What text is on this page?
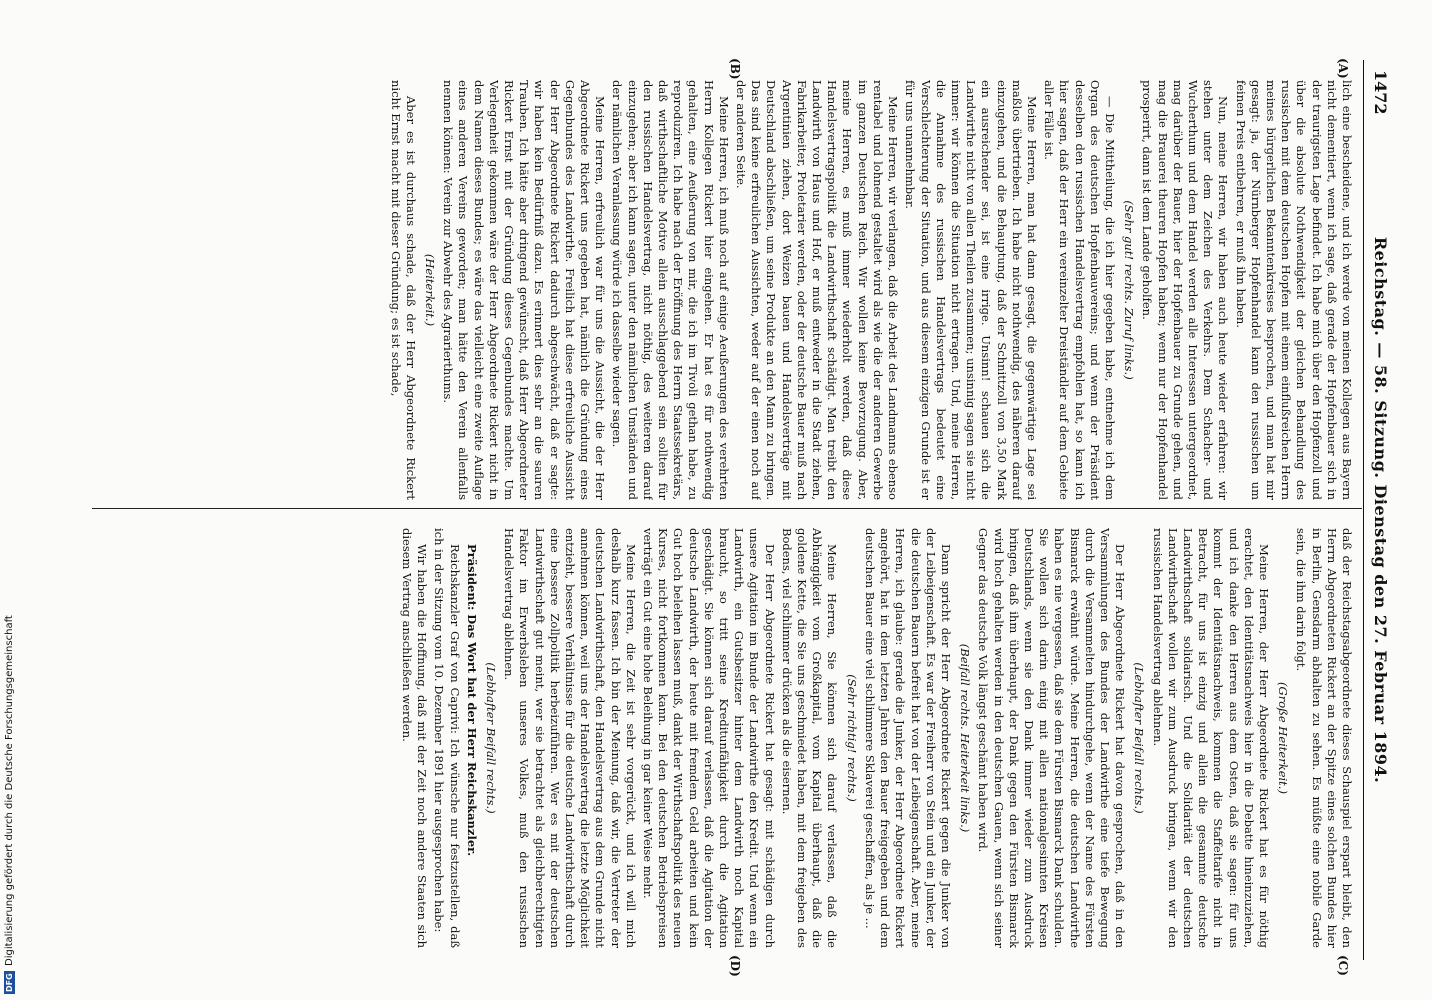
1472
Reichstag. — 58. Sitzung. Dienstag den 27. Februar 1894.
(A)
(B)
(C)
(D)

lich eine bescheidene, und ich werde von meinen Kollegen aus Bayern nicht dementiert, wenn ich sage, daß gerade der Hopfenbauer sich in der traurigsten Lage befindet. Ich habe mich über den Hopfenzoll und über die absolute Nothwendigkeit der gleichen Behandlung des russischen mit dem deutschen Hopfen mit einem einflußreichen Herrn meines bürgerlichen Bekanntenkreises besprochen, und man hat mir gesagt: ja, der Nürnberger Hopfenhandel kann den russischen um feinen Preis entbehren, er muß ihn haben.

Nun, meine Herren, wir haben auch heute wieder erfahren: wir stehen unter dem Zeichen des Verkehrs. Dem Schacher- und Wucherthum und dem Handel werden alle Interessen untergeordnet, mag darüber der Bauer, hier der Hopfenbauer zu Grunde gehen, und mag die Brauerei theuren Hopfen haben; wenn nur der Hopfenhandel prosperirt, dann ist dem Lande geholfen.

(Sehr gut! rechts. Zuruf links.)

— Die Mittheilung, die ich hier gegeben habe, entnehme ich dem Organ des deutschen Hopfenbauvereins; und wenn der Präsident desselben den russischen Handelsvertrag empfohlen hat, so kann ich hier sagen, daß der Herr ein vereinzelter Dreiständler auf dem Gebiete aller Fälle ist.

Meine Herren, man hat dann gesagt, die gegenwärtige Lage sei maßlos übertrieben. Ich habe nicht nothwendig, des näheren darauf einzugehen, und die Behauptung, daß der Schnittzoll von 3,50 Mark ein ausreichender sei, ist eine irrige. Unsinn! schauen sich die Landwirthe nicht von allen Theilen zusammen; unsinnig sagen sie nicht immer: wir können die Situation nicht ertragen. Und, meine Herren, die Annahme des russischen Handelsvertrags bedeutet eine Verschlechterung der Situation, und aus diesem einzigen Grunde ist er für uns unannehmbar.

Meine Herren, wir verlangen, daß die Arbeit des Landmanns ebenso rentabel und lohnend gestaltet wird als wie die der anderen Gewerbe im ganzen Deutschen Reich. Wir wollen keine Bevorzugung. Aber, meine Herren, es muß immer wiederholt werden, daß diese Handelsvertragspolitik die Landwirthschaft schädigt. Man treibt den Landwirth von Haus und Hof, er muß entweder in die Stadt ziehen, Fabrikarbeiter, Proletarier werden, oder der deutsche Bauer muß nach Argentinien ziehen, dort Weizen bauen und Handelsverträge mit Deutschland abschließen, um seine Produkte an den Mann zu bringen. Das sind keine erfreulichen Aussichten, weder auf der einen noch auf der anderen Seite.

Meine Herren, ich muß noch auf einige Aeußerungen des verehrten Herrn Kollegen Rickert hier eingehen. Er hat es für nothwendig gehalten, eine Aeußerung von mir, die ich im Tivoli gethan habe, zu reproduziren. Ich habe nach der Eröffnung des Herrn Staatssekretärs, daß wirthschaftliche Motive allein ausschlaggebend sein sollten für den russischen Handelsvertrag, nicht nöthig, des weiteren darauf einzugehen; aber ich kann sagen, unter den nämlichen Umständen und der nämlichen Veranlassung würde ich dasselbe wieder sagen.

Meine Herren, erfreulich war für uns die Aussicht, die der Herr Abgeordnete Rickert uns gegeben hat, nämlich die Gründung eines Gegenbundes des Landwirthe. Freilich hat diese erfreuliche Aussicht der Herr Abgeordnete Rickert dadurch abgeschwächt, daß er sagte: wir haben kein Bedürfniß dazu. Es erinnert dies sehr an die sauren Trauben. Ich hätte aber dringend gewünscht, daß Herr Abgeordneter Rickert Ernst mit der Gründung dieses Gegenbundes machte. Um Verlegenheit gekommen wäre der Herr Abgeordnete Rickert nicht in dem Namen dieses Bundes; es wäre das vielleicht eine zweite Auflage eines anderen Vereins geworden; man hätte den Verein allenfalls nennen können: Verein zur Abwehr des Agrarierthums.

(Heiterkeit.)

Aber es ist durchaus schade, daß der Herr Abgeordnete Rickert nicht Ernst macht mit dieser Gründung; es ist schade,

daß der Reichstagsabgeordnete dieses Schauspiel erspart bleibt, den Herrn Abgeordneten Rickert an der Spitze eines solchen Bundes hier in Berlin, Gensdarm abhalten zu sehen. Es müßte eine nobile Garde sein, die ihm darin folgt.

(Große Heiterkeit.)

Meine Herren, der Herr Abgeordnete Rickert hat es für nöthig erachtet, den Identitätsnachweis hier in die Debatte hineinzuziehen, und ich danke den Herren aus dem Osten, daß sie sagen: für uns kommt der Identitätsnachweis, kommen die Staffeltarife nicht in Betracht, für uns ist einzig und allein die gesammte deutsche Landwirthschaft solidarisch. Und die Solidarität der deutschen Landwirthschaft wollen wir zum Ausdruck bringen, wenn wir den russischen Handelsvertrag ablehnen.

(Lebhafter Beifall rechts.)

Der Herr Abgeordnete Rickert hat davon gesprochen, daß in den Versammlungen des Bundes der Landwirthe eine tiefe Bewegung durch die Versammelten hindurchgehe, wenn der Name des Fürsten Bismarck erwähnt würde. Meine Herren, die deutschen Landwirthe haben es nie vergessen, daß sie dem Fürsten Bismarck Dank schulden. Sie wollen sich darin einig mit allen nationalgesinnten Kreisen Deutschlands, wenn sie den Dank immer wieder zum Ausdruck bringen, daß ihm überhaupt, der Dank gegen den Fürsten Bismarck wird hoch gehalten werden in den deutschen Gauen, wenn sich seiner Gegner das deutsche Volk längst geschämt haben wird.

(Beifall rechts. Heiterkeit links.)

Dann spricht der Herr Abgeordnete Rickert gegen die Junker von der Leibeigenschaft. Es war der Freiherr von Stein und ein Junker, der die deutschen Bauern befreit hat von der Leibeigenschaft. Aber, meine Herren, ich glaube: gerade die Junker, der Herr Abgeordnete Rickert angehört, hat in dem letzten Jahren den Bauer freigegeben und dem deutschen Bauer eine viel schlimmere Sklaverei geschaffen, als je ...

(Sehr richtig! rechts.)

Meine Herren, Sie können sich darauf verlassen, daß die Abhängigkeit vom Großkapital, vom Kapital überhaupt, daß die goldene Kette, die Sie uns geschmiedet haben, mit dem freigeben des Bodens, viel schlimmer drücken als die eisernen.

Der Herr Abgeordnete Rickert hat gesagt: mit schädigen durch unsere Agitation im Bunde der Landwirthe den Kredit. Und wenn ein Landwirth, ein Gutsbesitzer hinter dem Landwirth noch Kapital braucht, so tritt seine Kreditunfähigkeit durch die Agitation geschädigt. Sie können sich darauf verlassen, daß die Agitation der deutsche Landwirth, der heute mit fremdem Geld arbeiten und kein Gut hoch beleihen lassen muß, dankt der Wirthschaftspolitik des neuen Kurses, nicht fortkommen kann. Bei den deutschen Betriebspreisen verträgt ein Gut eine hohe Beleihung in gar keiner Weise mehr.

Meine Herren, die Zeit ist sehr vorgerückt, und ich will mich deshalb kurz fassen. Ich bin der Meinung, daß wir, die Vertreter der deutschen Landwirthschaft, den Handelsvertrag aus dem Grunde nicht annehmen können, weil uns der Handelsvertrag die letzte Möglichkeit entzieht, bessere Verhältnisse für die deutsche Landwirthschaft durch eine bessere Zollpolitik herbeizuführen. Wer es mit der deutschen Landwirthschaft gut meint, wer sie betrachtet als gleichberechtigten Faktor im Erwerbsleben unseres Volkes, muß den russischen Handelsvertrag ablehnen.

(Lebhafter Beifall rechts.)

Präsident: Das Wort hat der Herr Reichskanzler.

Reichskanzler Graf von Caprivi: Ich wünsche nur festzustellen, daß ich in der Sitzung vom 10. Dezember 1891 hier ausgesprochen habe:

Wir haben die Hoffnung, daß mit der Zeit noch andere Staaten sich diesem Vertrag anschließen werden.

DFG
Digitalisierung gefördert durch die Deutsche Forschungsgemeinschaft
